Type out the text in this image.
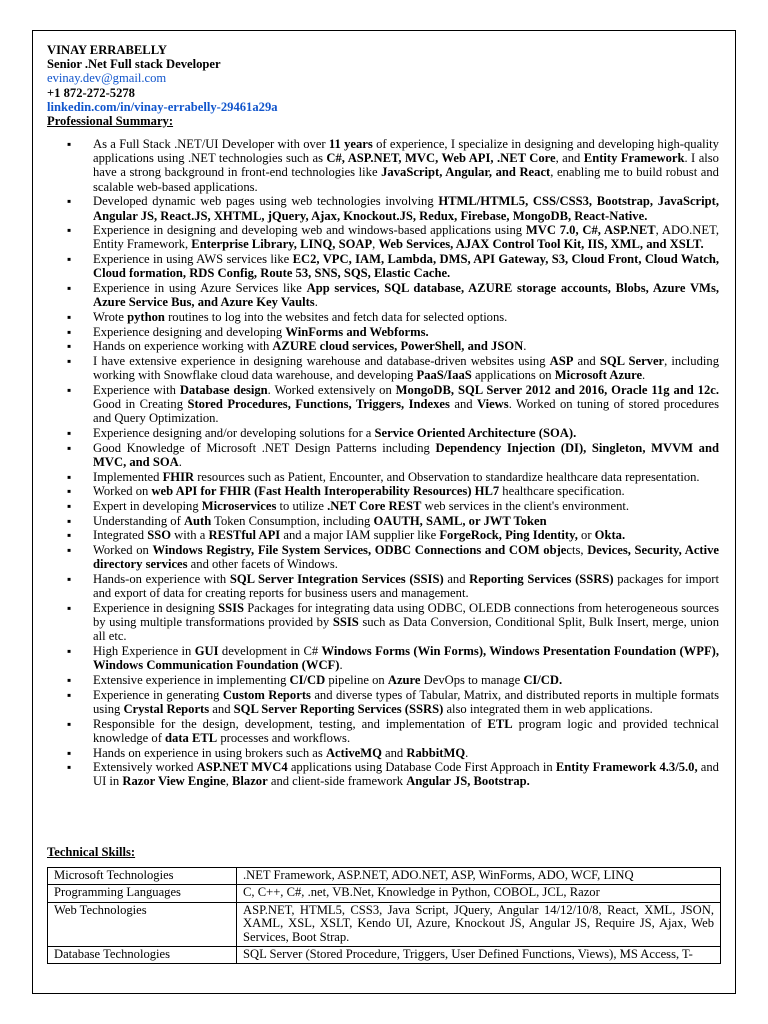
VINAY ERRABELLY
Senior .Net Full stack Developer
evinay.dev@gmail.com
+1 872-272-5278
linkedin.com/in/vinay-errabelly-29461a29a
Professional Summary:
▪ As a Full Stack .NET/UI Developer with over 11 years of experience, I specialize in designing and developing high-quality applications using .NET technologies such as C#, ASP.NET, MVC, Web API, .NET Core, and Entity Framework. I also have a strong background in front-end technologies like JavaScript, Angular, and React, enabling me to build robust and scalable web-based applications.
▪ Developed dynamic web pages using web technologies involving HTML/HTML5, CSS/CSS3, Bootstrap, JavaScript, Angular JS, React.JS, XHTML, jQuery, Ajax, Knockout.JS, Redux, Firebase, MongoDB, React-Native.
▪ Experience in designing and developing web and windows-based applications using MVC 7.0, C#, ASP.NET, ADO.NET, Entity Framework, Enterprise Library, LINQ, SOAP, Web Services, AJAX Control Tool Kit, IIS, XML, and XSLT.
▪ Experience in using AWS services like EC2, VPC, IAM, Lambda, DMS, API Gateway, S3, Cloud Front, Cloud Watch, Cloud formation, RDS Config, Route 53, SNS, SQS, Elastic Cache.
▪ Experience in using Azure Services like App services, SQL database, AZURE storage accounts, Blobs, Azure VMs, Azure Service Bus, and Azure Key Vaults.
▪ Wrote python routines to log into the websites and fetch data for selected options.
▪ Experience designing and developing WinForms and Webforms.
▪ Hands on experience working with AZURE cloud services, PowerShell, and JSON.
▪ I have extensive experience in designing warehouse and database-driven websites using ASP and SQL Server, including working with Snowflake cloud data warehouse, and developing PaaS/IaaS applications on Microsoft Azure.
▪ Experience with Database design. Worked extensively on MongoDB, SQL Server 2012 and 2016, Oracle 11g and 12c. Good in Creating Stored Procedures, Functions, Triggers, Indexes and Views. Worked on tuning of stored procedures and Query Optimization.
▪ Experience designing and/or developing solutions for a Service Oriented Architecture (SOA).
▪ Good Knowledge of Microsoft .NET Design Patterns including Dependency Injection (DI), Singleton, MVVM and MVC, and SOA.
▪ Implemented FHIR resources such as Patient, Encounter, and Observation to standardize healthcare data representation.
▪ Worked on web API for FHIR (Fast Health Interoperability Resources) HL7 healthcare specification.
▪ Expert in developing Microservices to utilize .NET Core REST web services in the client's environment.
▪ Understanding of Auth Token Consumption, including OAUTH, SAML, or JWT Token
▪ Integrated SSO with a RESTful API and a major IAM supplier like ForgeRock, Ping Identity, or Okta.
▪ Worked on Windows Registry, File System Services, ODBC Connections and COM objects, Devices, Security, Active directory services and other facets of Windows.
▪ Hands-on experience with SQL Server Integration Services (SSIS) and Reporting Services (SSRS) packages for import and export of data for creating reports for business users and management.
▪ Experience in designing SSIS Packages for integrating data using ODBC, OLEDB connections from heterogeneous sources by using multiple transformations provided by SSIS such as Data Conversion, Conditional Split, Bulk Insert, merge, union all etc.
▪ High Experience in GUI development in C# Windows Forms (Win Forms), Windows Presentation Foundation (WPF), Windows Communication Foundation (WCF).
▪ Extensive experience in implementing CI/CD pipeline on Azure DevOps to manage CI/CD.
▪ Experience in generating Custom Reports and diverse types of Tabular, Matrix, and distributed reports in multiple formats using Crystal Reports and SQL Server Reporting Services (SSRS) also integrated them in web applications.
▪ Responsible for the design, development, testing, and implementation of ETL program logic and provided technical knowledge of data ETL processes and workflows.
▪ Hands on experience in using brokers such as ActiveMQ and RabbitMQ.
▪ Extensively worked ASP.NET MVC4 applications using Database Code First Approach in Entity Framework 4.3/5.0, and UI in Razor View Engine, Blazor and client-side framework Angular JS, Bootstrap.
Technical Skills:
Microsoft Technologies	.NET Framework, ASP.NET, ADO.NET, ASP, WinForms, ADO, WCF, LINQ
Programming Languages	C, C++, C#, .net, VB.Net, Knowledge in Python, COBOL, JCL, Razor
Web Technologies	ASP.NET, HTML5, CSS3, Java Script, JQuery, Angular 14/12/10/8, React, XML, JSON, XAML, XSL, XSLT, Kendo UI, Azure, Knockout JS, Angular JS, Require JS, Ajax, Web Services, Boot Strap.
Database Technologies	SQL Server (Stored Procedure, Triggers, User Defined Functions, Views), MS Access, T-
